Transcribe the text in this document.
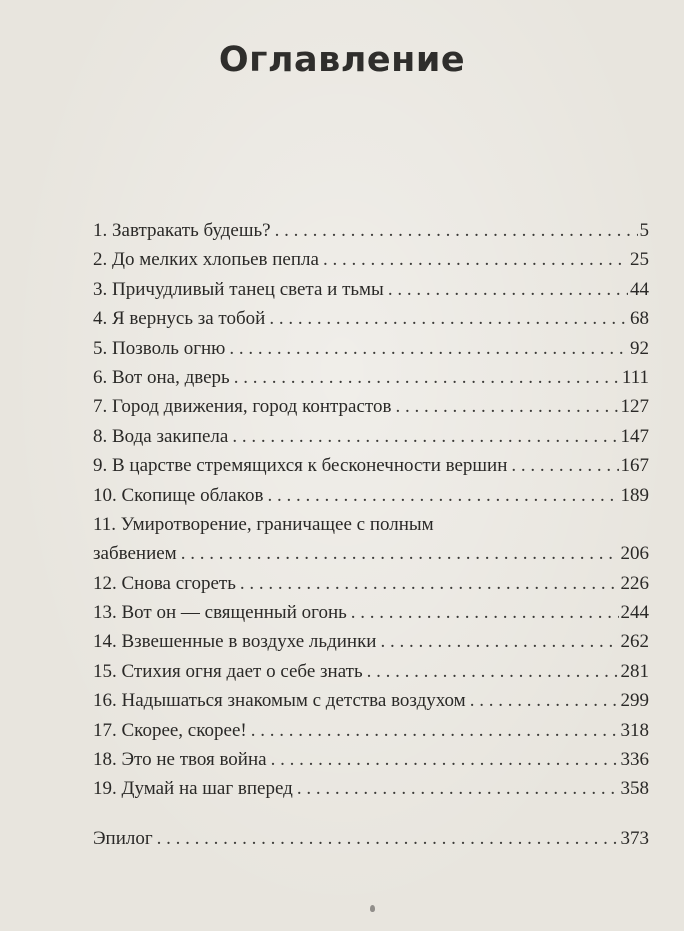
Оглавление
1. Завтракать будешь? . . .	5
2. До мелких хлопьев пепла . . .	25
3. Причудливый танец света и тьмы . . .	44
4. Я вернусь за тобой . . .	68
5. Позволь огню . . .	92
6. Вот она, дверь . . .	111
7. Город движения, город контрастов . . .	127
8. Вода закипела . . .	147
9. В царстве стремящихся к бесконечности вершин . . .	167
10. Скопище облаков . . .	189
11. Умиротворение, граничащее с полным
забвением . . .	206
12. Снова сгореть . . .	226
13. Вот он — священный огонь . . .	244
14. Взвешенные в воздухе льдинки . . .	262
15. Стихия огня дает о себе знать . . .	281
16. Надышаться знакомым с детства воздухом . . .	299
17. Скорее, скорее! . . .	318
18. Это не твоя война . . .	336
19. Думай на шаг вперед . . .	358
Эпилог . . .	373
